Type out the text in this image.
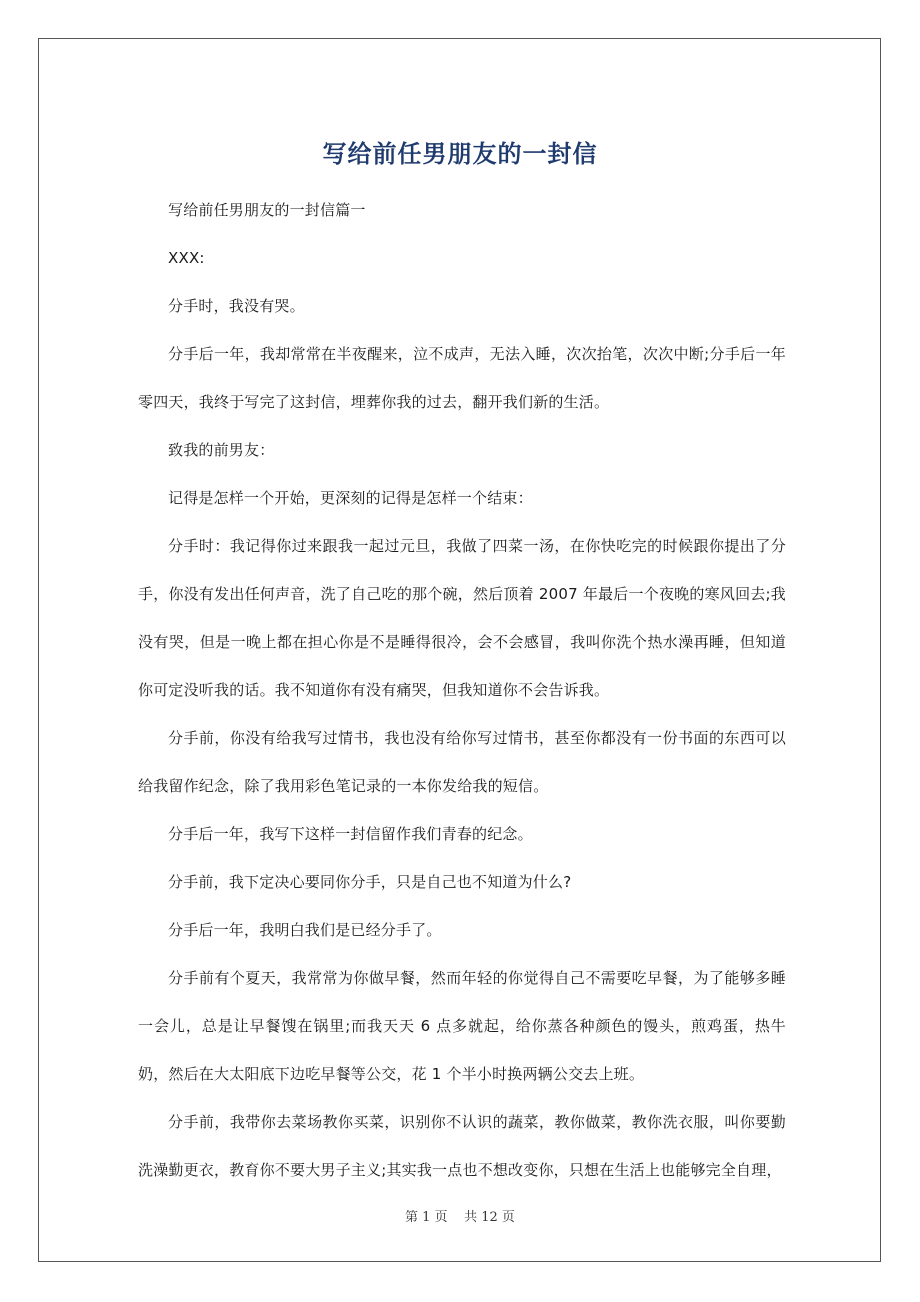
写给前任男朋友的一封信

写给前任男朋友的一封信篇一

XXX:

分手时，我没有哭。

分手后一年，我却常常在半夜醒来，泣不成声，无法入睡，次次抬笔，次次中断;分手后一年零四天，我终于写完了这封信，埋葬你我的过去，翻开我们新的生活。

致我的前男友：

记得是怎样一个开始，更深刻的记得是怎样一个结束：

分手时：我记得你过来跟我一起过元旦，我做了四菜一汤，在你快吃完的时候跟你提出了分手，你没有发出任何声音，洗了自己吃的那个碗，然后顶着 2007 年最后一个夜晚的寒风回去;我没有哭，但是一晚上都在担心你是不是睡得很冷，会不会感冒，我叫你洗个热水澡再睡，但知道你可定没听我的话。我不知道你有没有痛哭，但我知道你不会告诉我。

分手前，你没有给我写过情书，我也没有给你写过情书，甚至你都没有一份书面的东西可以给我留作纪念，除了我用彩色笔记录的一本你发给我的短信。

分手后一年，我写下这样一封信留作我们青春的纪念。

分手前，我下定决心要同你分手，只是自己也不知道为什么?

分手后一年，我明白我们是已经分手了。

分手前有个夏天，我常常为你做早餐，然而年轻的你觉得自己不需要吃早餐，为了能够多睡一会儿，总是让早餐馊在锅里;而我天天 6 点多就起，给你蒸各种颜色的馒头，煎鸡蛋，热牛奶，然后在大太阳底下边吃早餐等公交，花 1 个半小时换两辆公交去上班。

分手前，我带你去菜场教你买菜，识别你不认识的蔬菜，教你做菜，教你洗衣服，叫你要勤洗澡勤更衣，教育你不要大男子主义;其实我一点也不想改变你，只想在生活上也能够完全自理，

第 1 页 共 12 页
